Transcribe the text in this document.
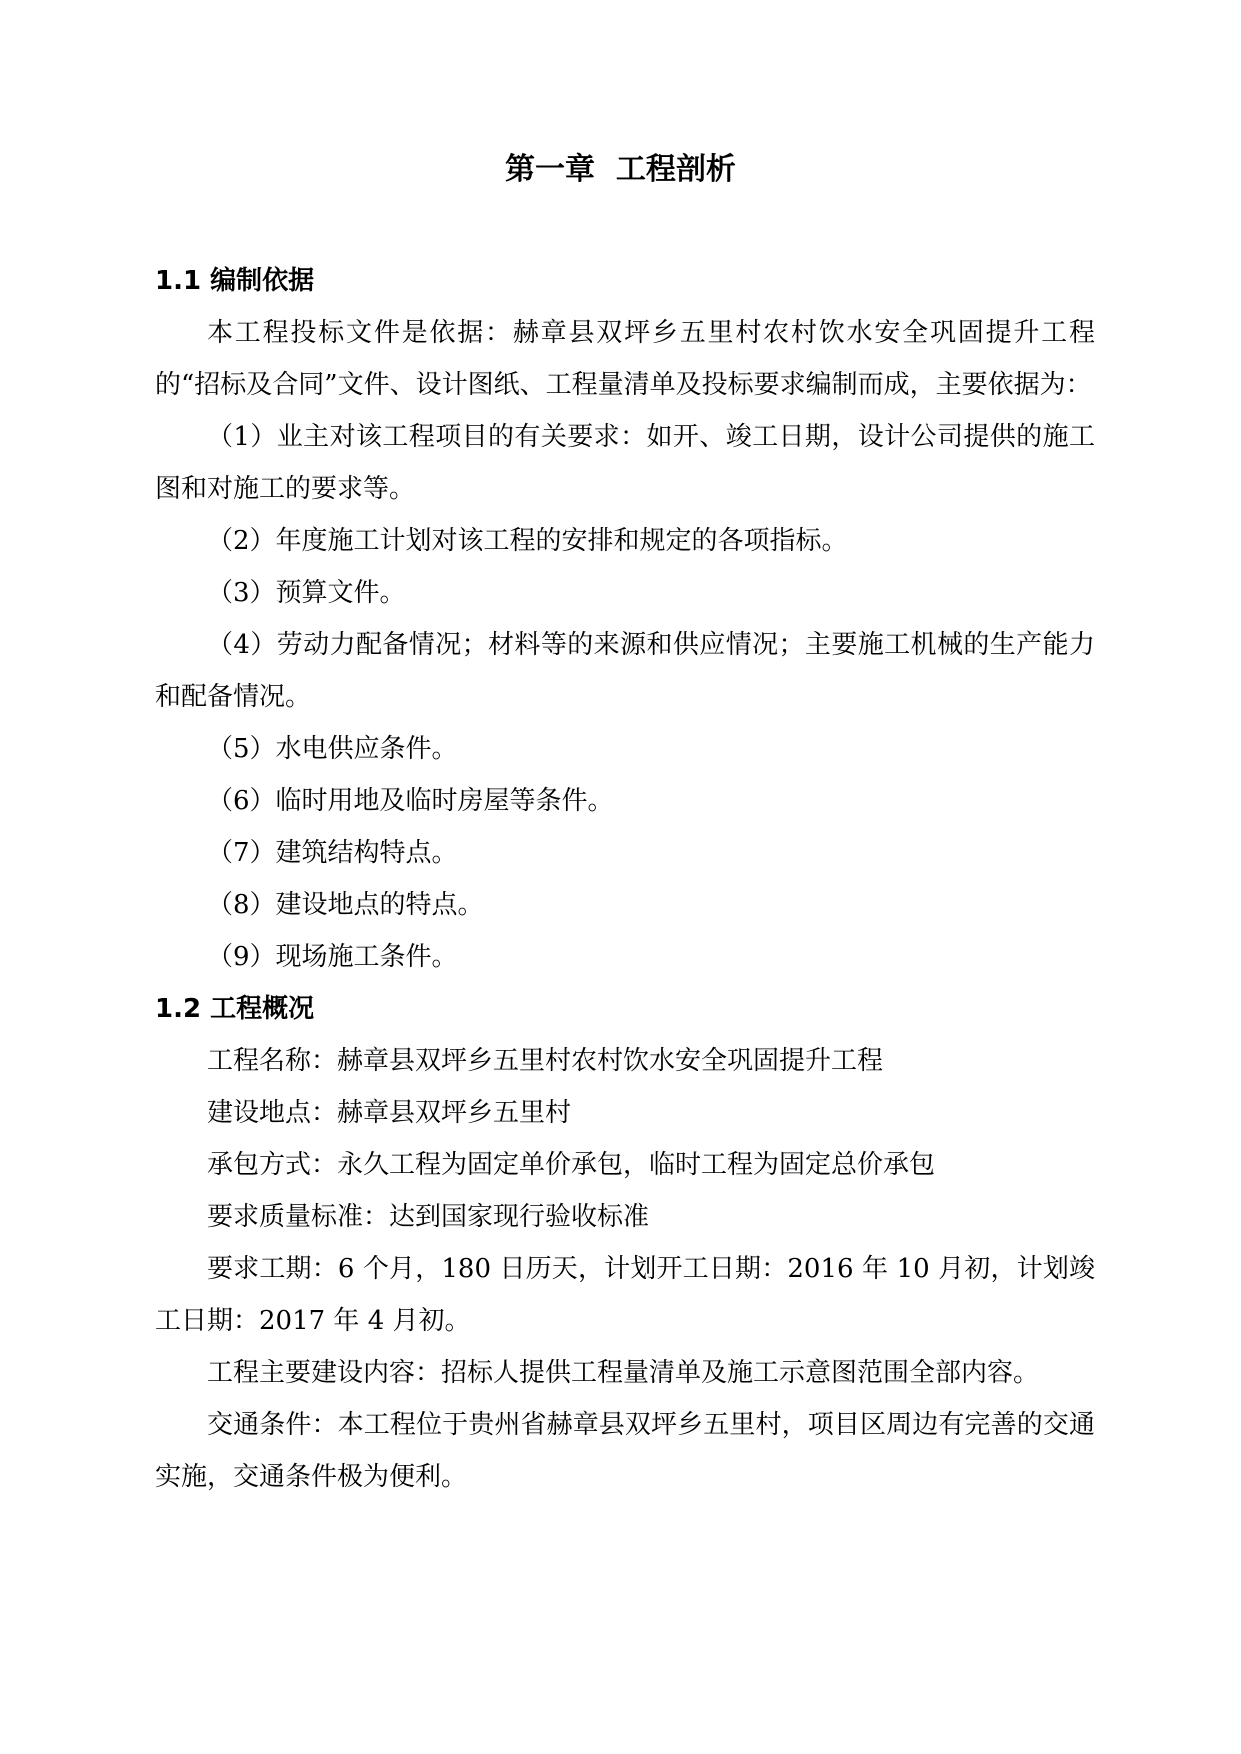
第一章  工程剖析
1.1 编制依据

本工程投标文件是依据：赫章县双坪乡五里村农村饮水安全巩固提升工程的“招标及合同”文件、设计图纸、工程量清单及投标要求编制而成，主要依据为：

（1）业主对该工程项目的有关要求：如开、竣工日期，设计公司提供的施工图和对施工的要求等。

（2）年度施工计划对该工程的安排和规定的各项指标。

（3）预算文件。

（4）劳动力配备情况；材料等的来源和供应情况；主要施工机械的生产能力和配备情况。

（5）水电供应条件。

（6）临时用地及临时房屋等条件。

（7）建筑结构特点。

（8）建设地点的特点。

（9）现场施工条件。

1.2 工程概况

工程名称：赫章县双坪乡五里村农村饮水安全巩固提升工程

建设地点：赫章县双坪乡五里村

承包方式：永久工程为固定单价承包，临时工程为固定总价承包

要求质量标准：达到国家现行验收标准

要求工期：6 个月，180 日历天，计划开工日期：2016 年 10 月初，计划竣工日期：2017 年 4 月初。

工程主要建设内容：招标人提供工程量清单及施工示意图范围全部内容。

交通条件：本工程位于贵州省赫章县双坪乡五里村，项目区周边有完善的交通实施，交通条件极为便利。
